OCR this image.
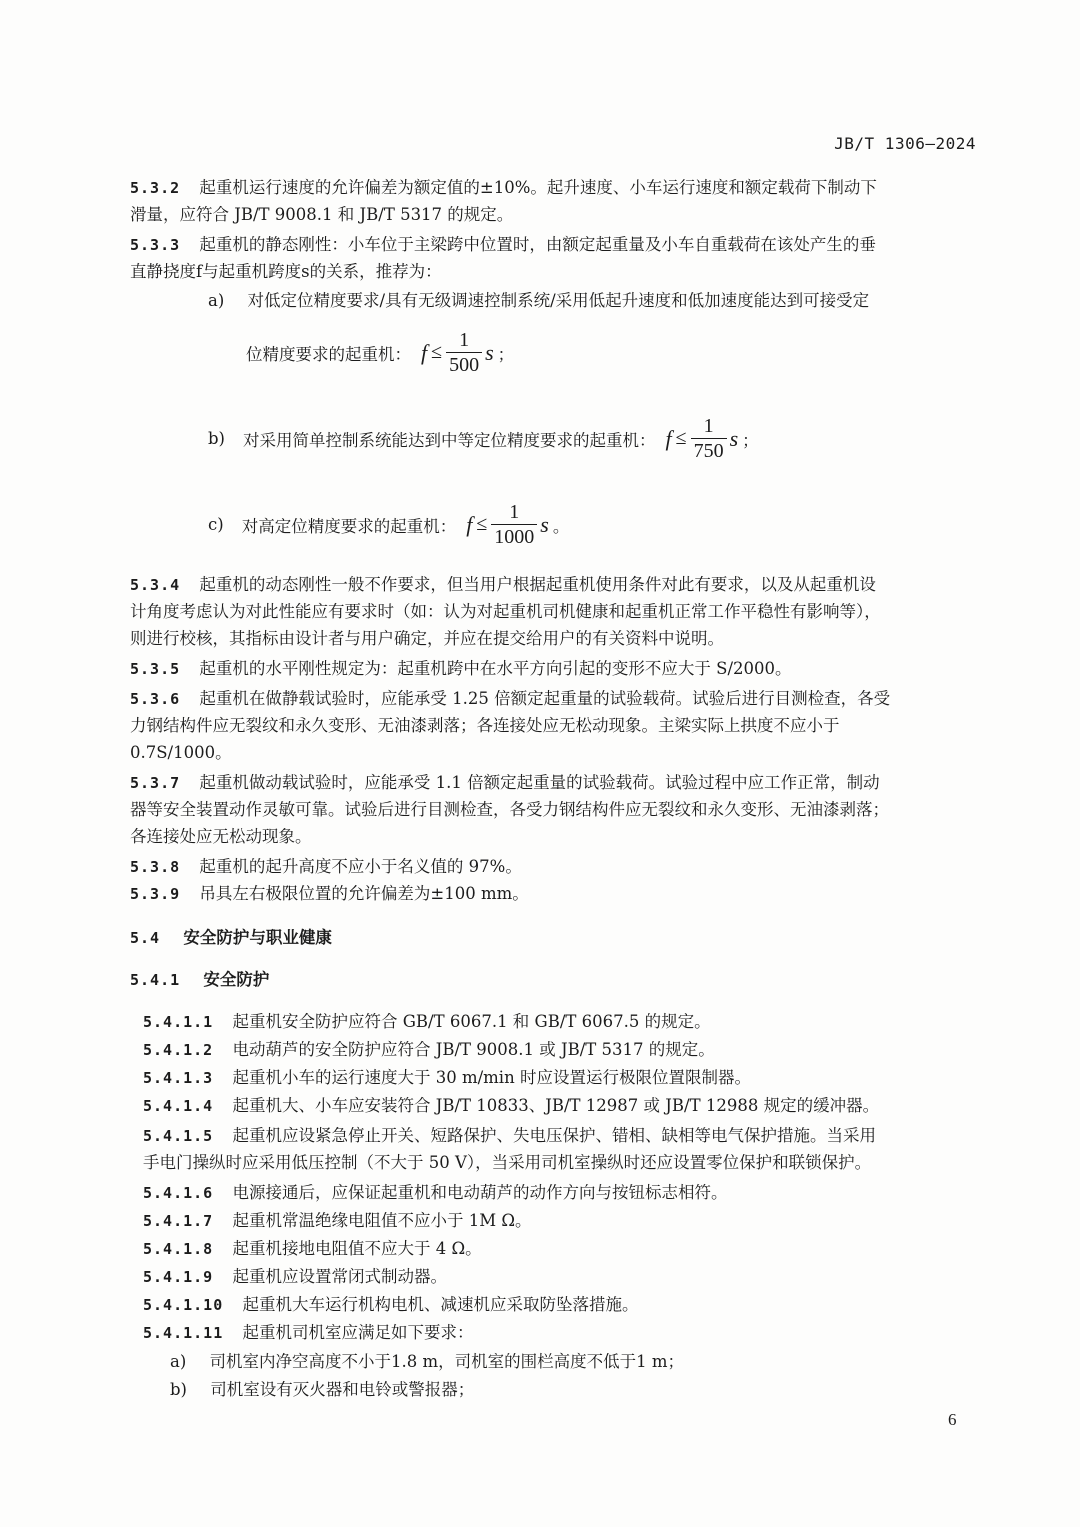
JB/T 1306—2024
5.3.2 起重机运行速度的允许偏差为额定值的±10%。起升速度、小车运行速度和额定载荷下制动下
滑量，应符合 JB/T 9008.1 和 JB/T 5317 的规定。
5.3.3 起重机的静态刚性：小车位于主梁跨中位置时，由额定起重量及小车自重载荷在该处产生的垂
直静挠度f与起重机跨度s的关系，推荐为：
a) 对低定位精度要求/具有无级调速控制系统/采用低起升速度和低加速度能达到可接受定
位精度要求的起重机： $f \le \frac{1}{500}$ s ；
b) 对采用简单控制系统能达到中等定位精度要求的起重机： $f \le \frac{1}{750}$ s ；
c) 对高定位精度要求的起重机： $f \le \frac{1}{1000}$ s 。
5.3.4 起重机的动态刚性一般不作要求，但当用户根据起重机使用条件对此有要求，以及从起重机设
计角度考虑认为对此性能应有要求时（如：认为对起重机司机健康和起重机正常工作平稳性有影响等），
则进行校核，其指标由设计者与用户确定，并应在提交给用户的有关资料中说明。
5.3.5 起重机的水平刚性规定为：起重机跨中在水平方向引起的变形不应大于 S/2000。
5.3.6 起重机在做静载试验时，应能承受 1.25 倍额定起重量的试验载荷。试验后进行目测检查，各受
力钢结构件应无裂纹和永久变形、无油漆剥落；各连接处应无松动现象。主梁实际上拱度不应小于
0.7S/1000。
5.3.7 起重机做动载试验时，应能承受 1.1 倍额定起重量的试验载荷。试验过程中应工作正常，制动
器等安全装置动作灵敏可靠。试验后进行目测检查，各受力钢结构件应无裂纹和永久变形、无油漆剥落；
各连接处应无松动现象。
5.3.8 起重机的起升高度不应小于名义值的 97%。
5.3.9 吊具左右极限位置的允许偏差为±100 mm。
5.4 安全防护与职业健康
5.4.1 安全防护
5.4.1.1 起重机安全防护应符合 GB/T 6067.1 和 GB/T 6067.5 的规定。
5.4.1.2 电动葫芦的安全防护应符合 JB/T 9008.1 或 JB/T 5317 的规定。
5.4.1.3 起重机小车的运行速度大于 30 m/min 时应设置运行极限位置限制器。
5.4.1.4 起重机大、小车应安装符合 JB/T 10833、JB/T 12987 或 JB/T 12988 规定的缓冲器。
5.4.1.5 起重机应设紧急停止开关、短路保护、失电压保护、错相、缺相等电气保护措施。当采用
手电门操纵时应采用低压控制（不大于 50 V），当采用司机室操纵时还应设置零位保护和联锁保护。
5.4.1.6 电源接通后，应保证起重机和电动葫芦的动作方向与按钮标志相符。
5.4.1.7 起重机常温绝缘电阻值不应小于 1M Ω。
5.4.1.8 起重机接地电阻值不应大于 4 Ω。
5.4.1.9 起重机应设置常闭式制动器。
5.4.1.10 起重机大车运行机构电机、减速机应采取防坠落措施。
5.4.1.11 起重机司机室应满足如下要求：
a) 司机室内净空高度不小于1.8 m，司机室的围栏高度不低于1 m；
b) 司机室设有灭火器和电铃或警报器；
6
